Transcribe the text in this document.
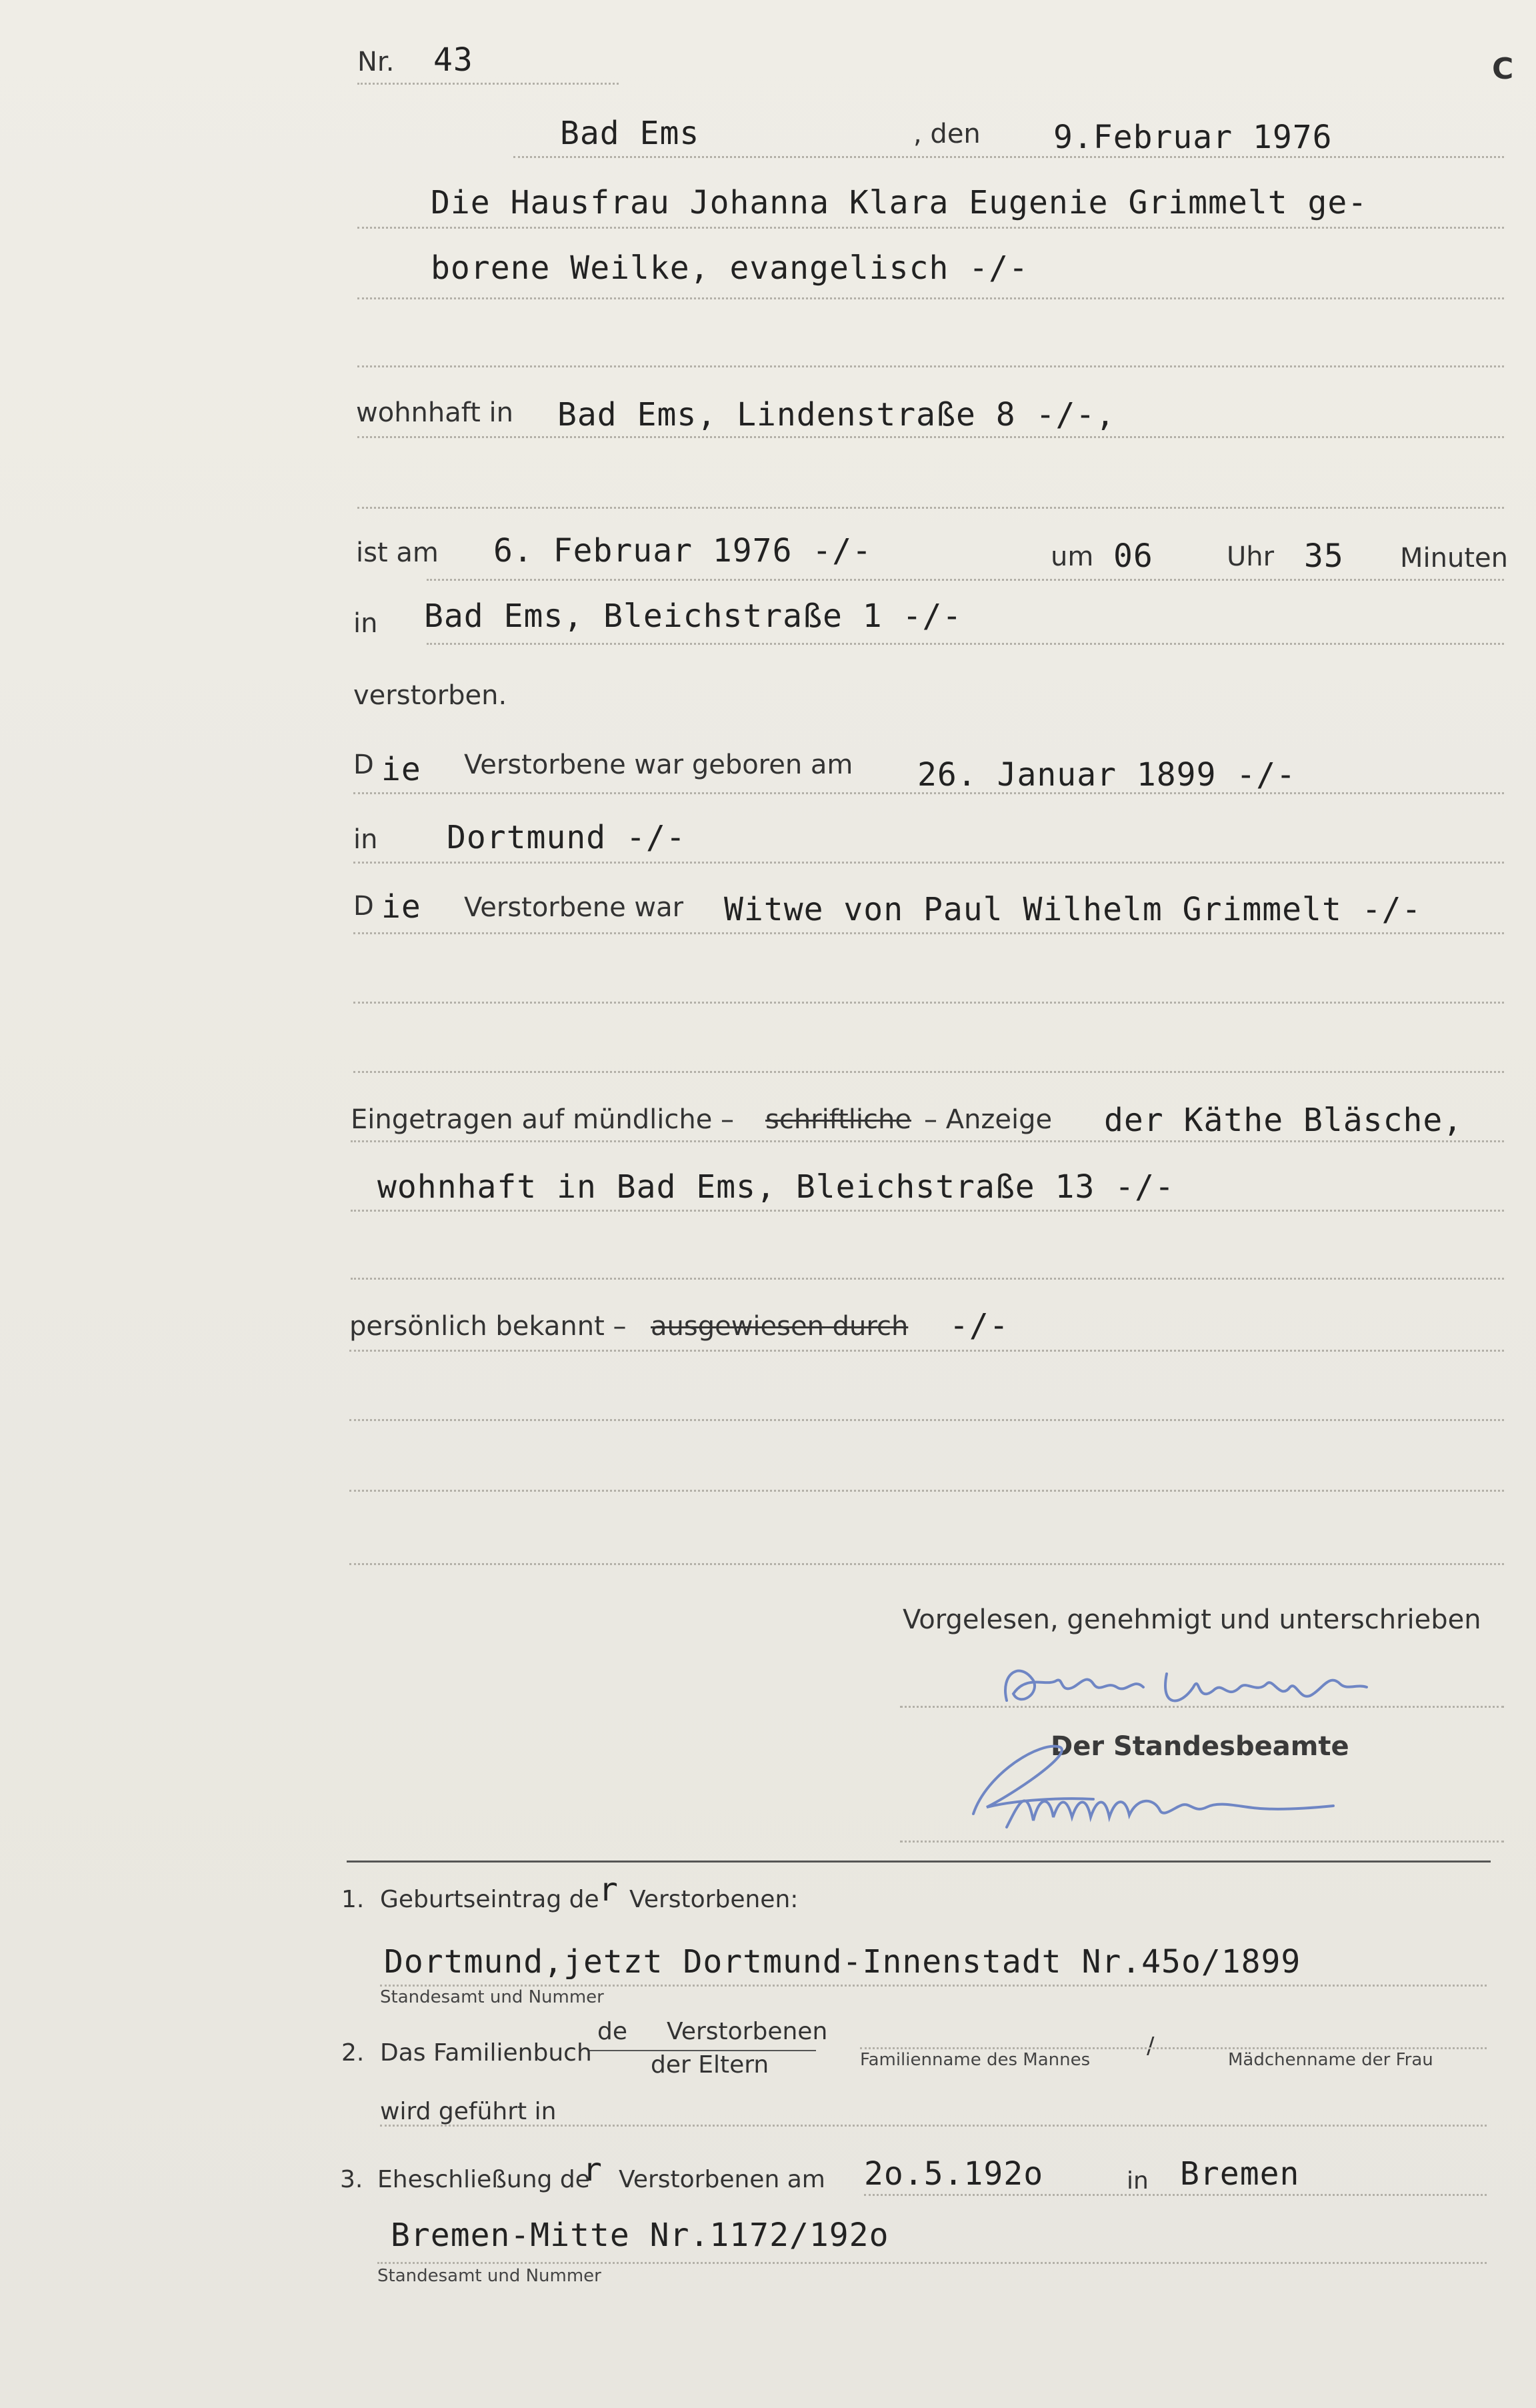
C
Nr. 43
Bad Ems	, den 9.Februar 1976
Die Hausfrau Johanna Klara Eugenie Grimmelt ge-
borene Weilke, evangelisch -/-
wohnhaft in Bad Ems, Lindenstraße 8 -/-,
ist am 6. Februar 1976 -/-	um 06	Uhr 35 Minuten
in Bad Ems, Bleichstraße 1 -/-
verstorben.
D ie Verstorbene war geboren am 26. Januar 1899 -/-
in Dortmund -/-
D ie Verstorbene war Witwe von Paul Wilhelm Grimmelt -/-
Eingetragen auf mündliche – schriftliche – Anzeige der Käthe Bläsche,
wohnhaft in Bad Ems, Bleichstraße 13 -/-
persönlich bekannt – ausgewiesen durch -/-
Vorgelesen, genehmigt und unterschrieben
Der Standesbeamte
1. Geburtseintrag de r Verstorbenen:
Dortmund,jetzt Dortmund-Innenstadt Nr.45o/1899
Standesamt und Nummer
2. Das Familienbuch
de Verstorbenen
der Eltern	Familienname des Mannes
/
Mädchenname der Frau
wird geführt in
3. Eheschließung de
r Verstorbenen am 2o.5.192o	in Bremen
Bremen-Mitte Nr.1172/192o
Standesamt und Nummer
